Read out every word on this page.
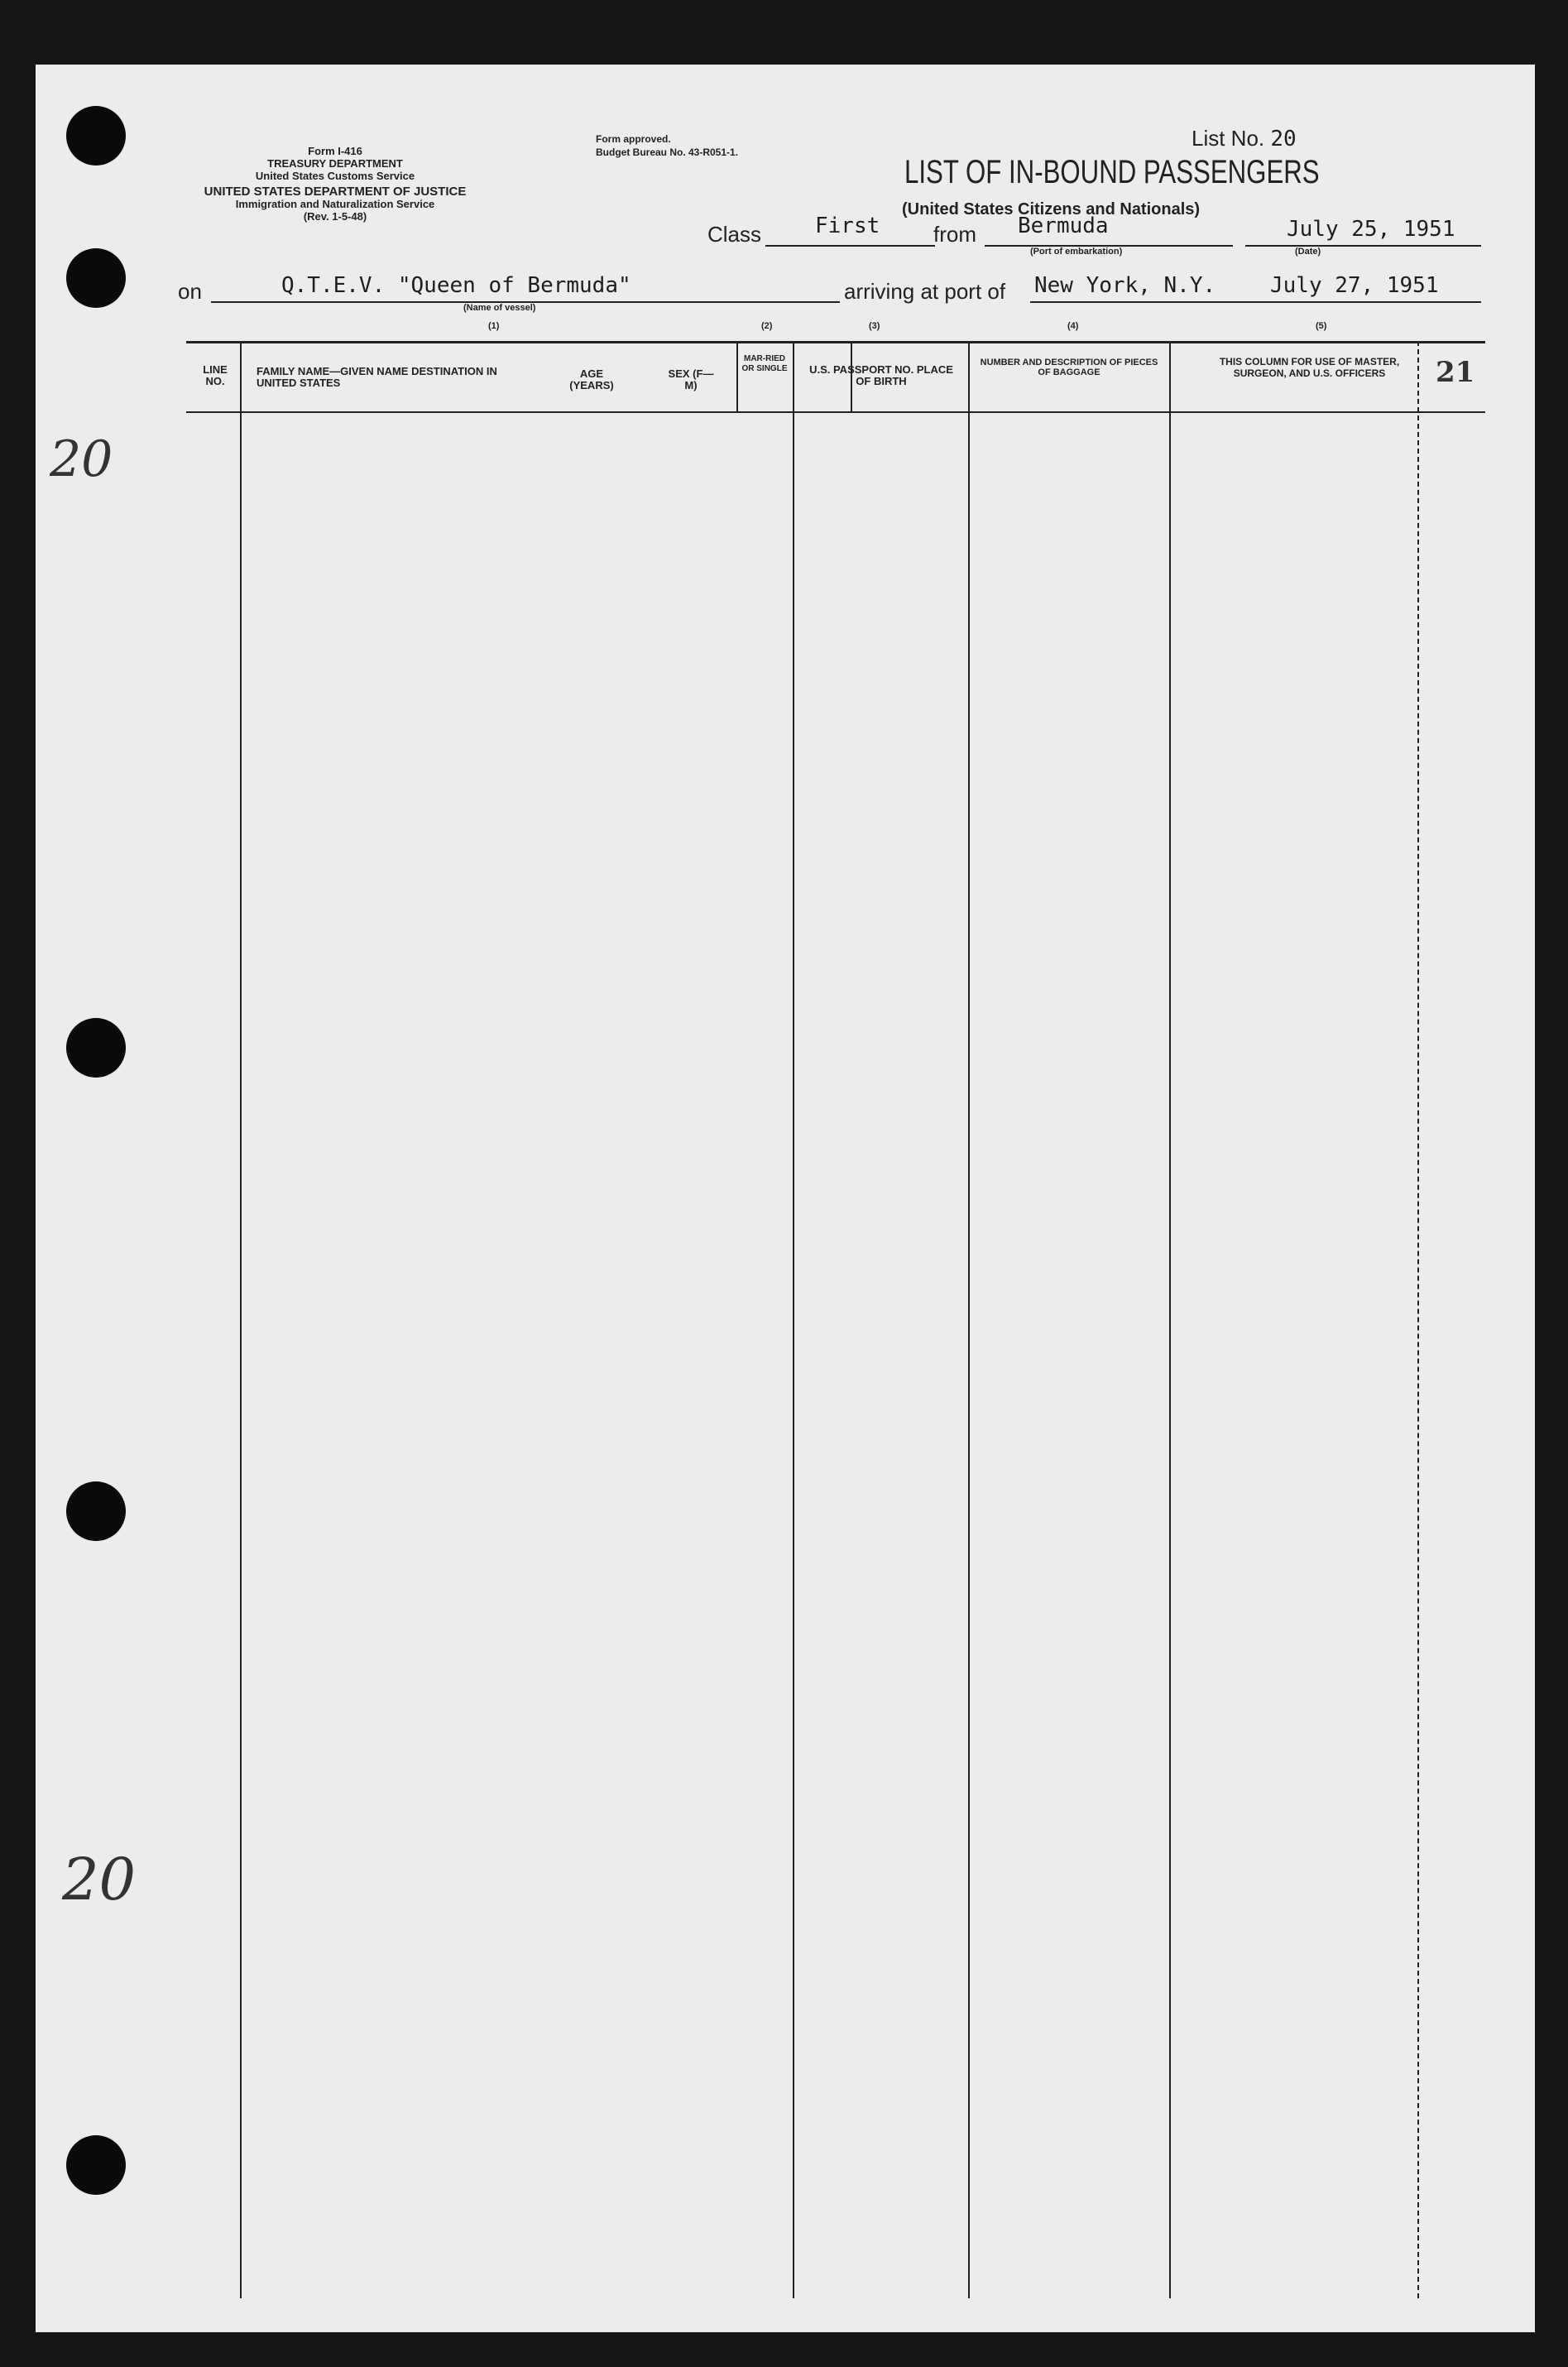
Form I-416
TREASURY DEPARTMENT
United States Customs Service
UNITED STATES DEPARTMENT OF JUSTICE
Immigration and Naturalization Service
(Rev. 1-5-48)
Form approved.
Budget Bureau No. 43-R051-1.
List No. 20
LIST OF IN-BOUND PASSENGERS
(United States Citizens and Nationals)
Class First from Bermuda
(Port of embarkation)
July 25, 1951
(Date)
on	Q.T.E.V. "Queen of Bermuda"
(Name of vessel)
arriving at port of New York, N.Y.	July 27, 1951
(1)	(2)	(3)	(4)	(5)
LINE NO.
FAMILY NAME—GIVEN NAME DESTINATION IN UNITED STATES
AGE (YEARS)
SEX (F—M)
MAR-RIED OR SINGLE	U.S. PASSPORT NO. PLACE OF BIRTH
NUMBER AND DESCRIPTION OF PIECES OF BAGGAGE
THIS COLUMN FOR USE OF MASTER, SURGEON, AND U.S. OFFICERS	21
20
20
